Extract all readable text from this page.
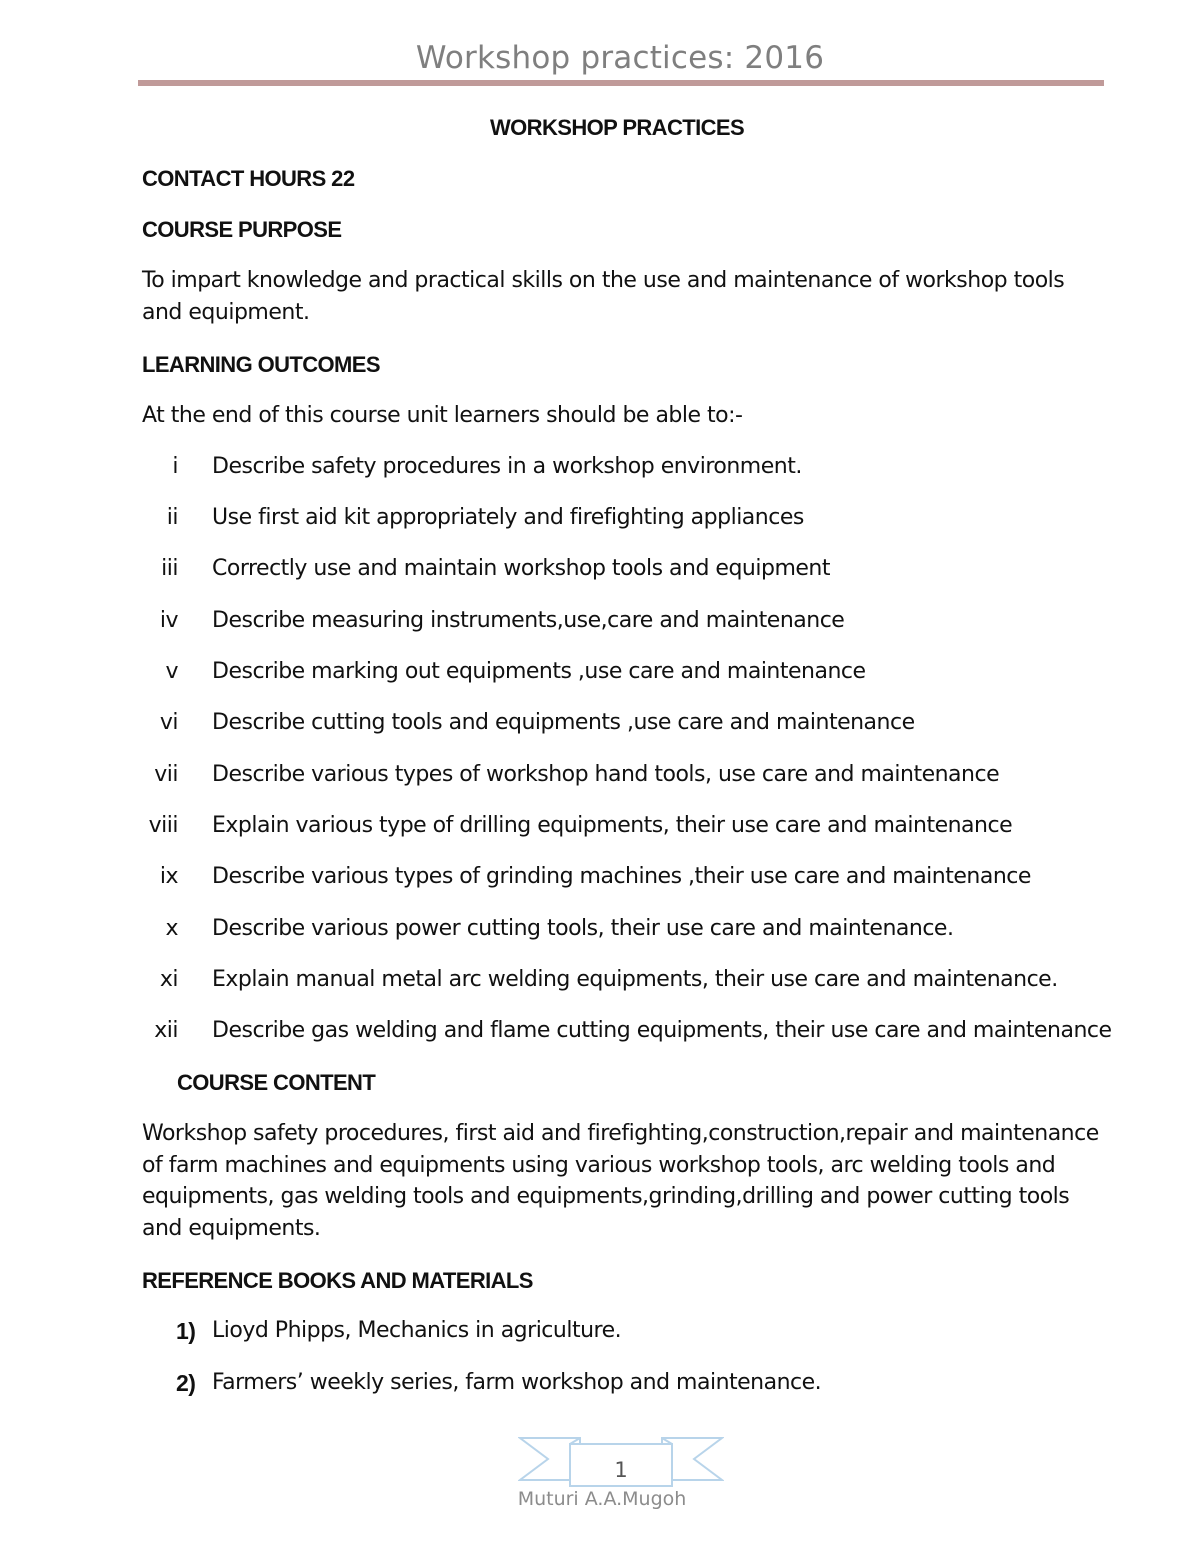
Workshop practices: 2016
WORKSHOP PRACTICES
CONTACT HOURS 22
COURSE PURPOSE
To impart knowledge and practical skills on the use and maintenance of workshop tools and equipment.
LEARNING OUTCOMES
At the end of this course unit learners should be able to:-
i Describe safety procedures in a workshop environment.
ii Use first aid kit appropriately and firefighting appliances
iii Correctly use and maintain workshop tools and equipment
iv Describe measuring instruments,use,care and maintenance
v Describe marking out equipments ,use care and maintenance
vi Describe cutting tools and equipments ,use care and maintenance
vii Describe various types of workshop hand tools, use care and maintenance
viii Explain various type of drilling equipments, their use care and maintenance
ix Describe various types of grinding machines ,their use care and maintenance
x Describe various power cutting tools, their use care and maintenance.
xi Explain manual metal arc welding equipments, their use care and maintenance.
xii Describe gas welding and flame cutting equipments, their use care and maintenance
COURSE CONTENT
Workshop safety procedures, first aid and firefighting,construction,repair and maintenance of farm machines and equipments using various workshop tools, arc welding tools and equipments, gas welding tools and equipments,grinding,drilling and power cutting tools and equipments.
REFERENCE BOOKS AND MATERIALS
1) Lioyd Phipps, Mechanics in agriculture.
2) Farmers’ weekly series, farm workshop and maintenance.
1
Muturi A.A.Mugoh
